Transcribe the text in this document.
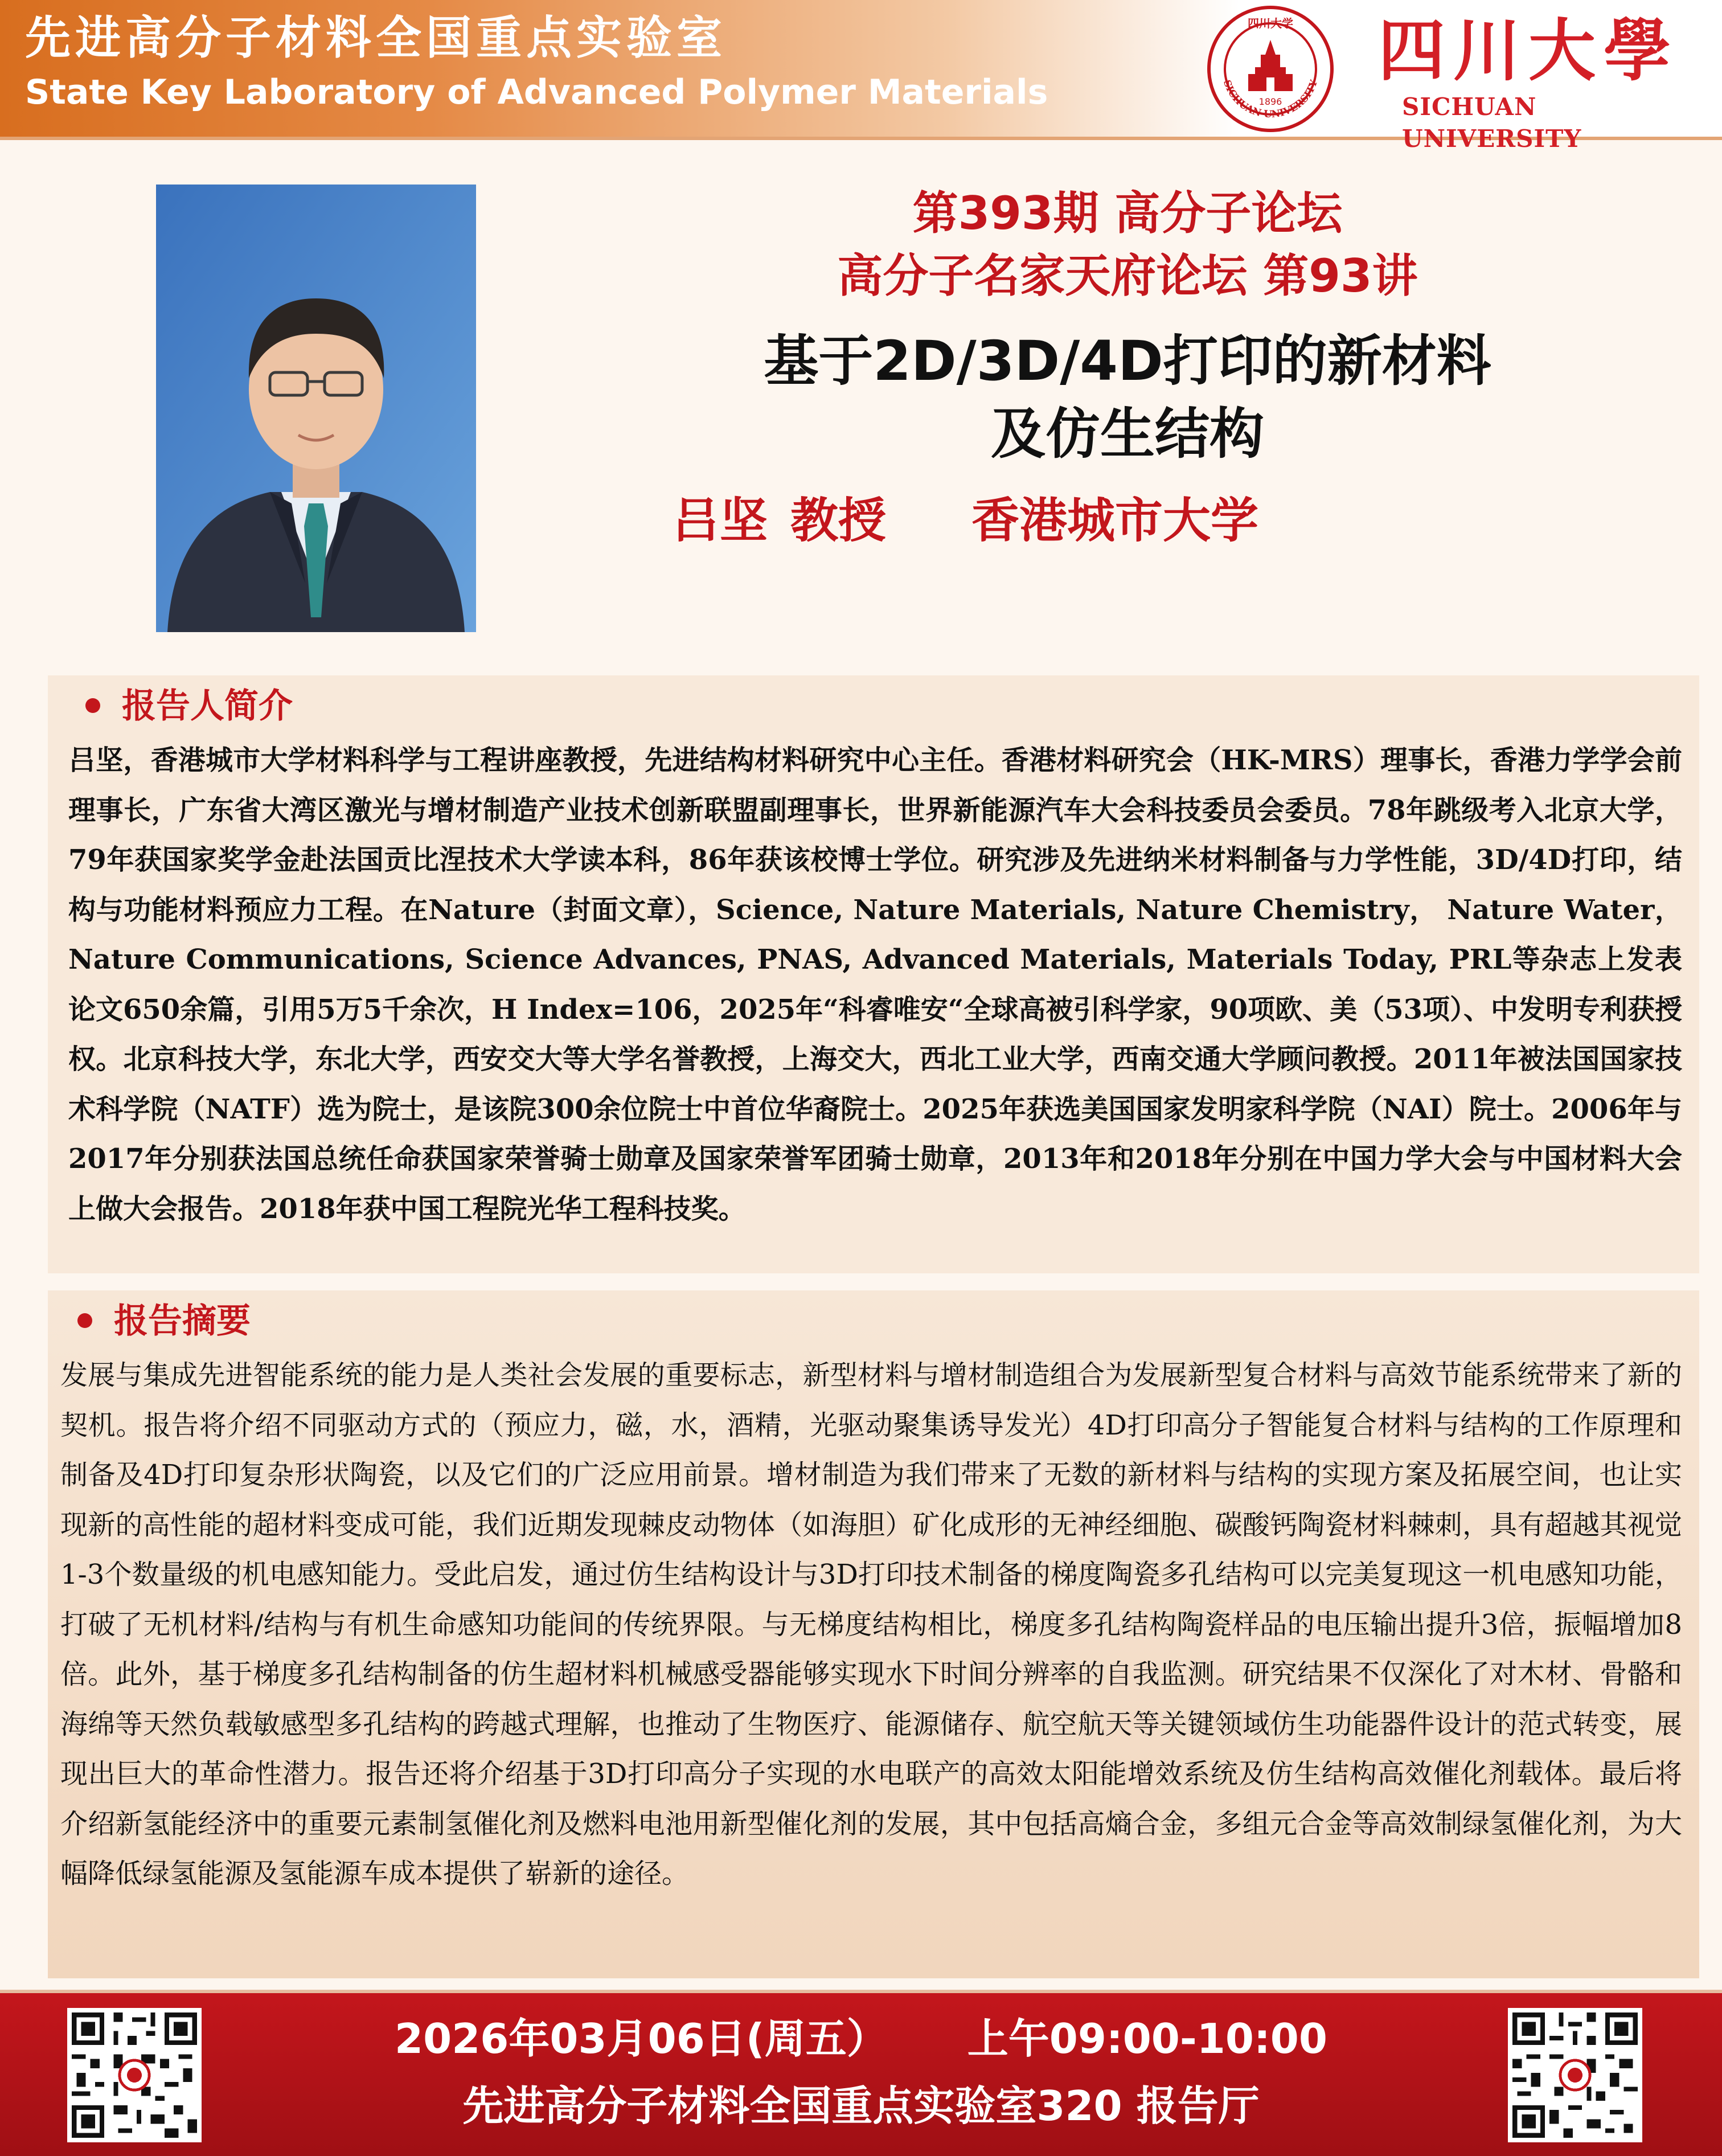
先进高分子材料全国重点实验室

State Key Laboratory of Advanced Polymer Materials	SICHUAN UNIVERSITY
四川大学
1896

四川大學

SICHUAN UNIVERSITY

第393期 高分子论坛

高分子名家天府论坛 第93讲

基于2D/3D/4D打印的新材料
及仿生结构

吕坚 教授 香港城市大学

报告人简介

吕坚，香港城市大学材料科学与工程讲座教授，先进结构材料研究中心主任。香港材料研究会（HK-MRS）理事长，香港力学学会前理事长，广东省大湾区激光与增材制造产业技术创新联盟副理事长，世界新能源汽车大会科技委员会委员。78年跳级考入北京大学，79年获国家奖学金赴法国贡比涅技术大学读本科，86年获该校博士学位。研究涉及先进纳米材料制备与力学性能，3D/4D打印，结构与功能材料预应力工程。在Nature（封面文章），Science, Nature Materials, Nature Chemistry， Nature Water，Nature Communications, Science Advances, PNAS, Advanced Materials, Materials Today, PRL等杂志上发表论文650余篇，引用5万5千余次，H Index=106，2025年“科睿唯安“全球高被引科学家，90项欧、美（53项）、中发明专利获授权。北京科技大学，东北大学，西安交大等大学名誉教授，上海交大，西北工业大学，西南交通大学顾问教授。2011年被法国国家技术科学院（NATF）选为院士，是该院300余位院士中首位华裔院士。2025年获选美国国家发明家科学院（NAI）院士。2006年与2017年分别获法国总统任命获国家荣誉骑士勋章及国家荣誉军团骑士勋章，2013年和2018年分别在中国力学大会与中国材料大会上做大会报告。2018年获中国工程院光华工程科技奖。

报告摘要

发展与集成先进智能系统的能力是人类社会发展的重要标志，新型材料与增材制造组合为发展新型复合材料与高效节能系统带来了新的契机。报告将介绍不同驱动方式的（预应力，磁，水，酒精，光驱动聚集诱导发光）4D打印高分子智能复合材料与结构的工作原理和制备及4D打印复杂形状陶瓷，以及它们的广泛应用前景。增材制造为我们带来了无数的新材料与结构的实现方案及拓展空间，也让实现新的高性能的超材料变成可能，我们近期发现棘皮动物体（如海胆）矿化成形的无神经细胞、碳酸钙陶瓷材料棘刺，具有超越其视觉1-3个数量级的机电感知能力。受此启发，通过仿生结构设计与3D打印技术制备的梯度陶瓷多孔结构可以完美复现这一机电感知功能，打破了无机材料/结构与有机生命感知功能间的传统界限。与无梯度结构相比，梯度多孔结构陶瓷样品的电压输出提升3倍，振幅增加8倍。此外，基于梯度多孔结构制备的仿生超材料机械感受器能够实现水下时间分辨率的自我监测。研究结果不仅深化了对木材、骨骼和海绵等天然负载敏感型多孔结构的跨越式理解，也推动了生物医疗、能源储存、航空航天等关键领域仿生功能器件设计的范式转变，展现出巨大的革命性潜力。报告还将介绍基于3D打印高分子实现的水电联产的高效太阳能增效系统及仿生结构高效催化剂载体。最后将介绍新氢能经济中的重要元素制氢催化剂及燃料电池用新型催化剂的发展，其中包括高熵合金，多组元合金等高效制绿氢催化剂，为大幅降低绿氢能源及氢能源车成本提供了崭新的途径。

2026年03月06日(周五） 上午09:00-10:00

先进高分子材料全国重点实验室320 报告厅
